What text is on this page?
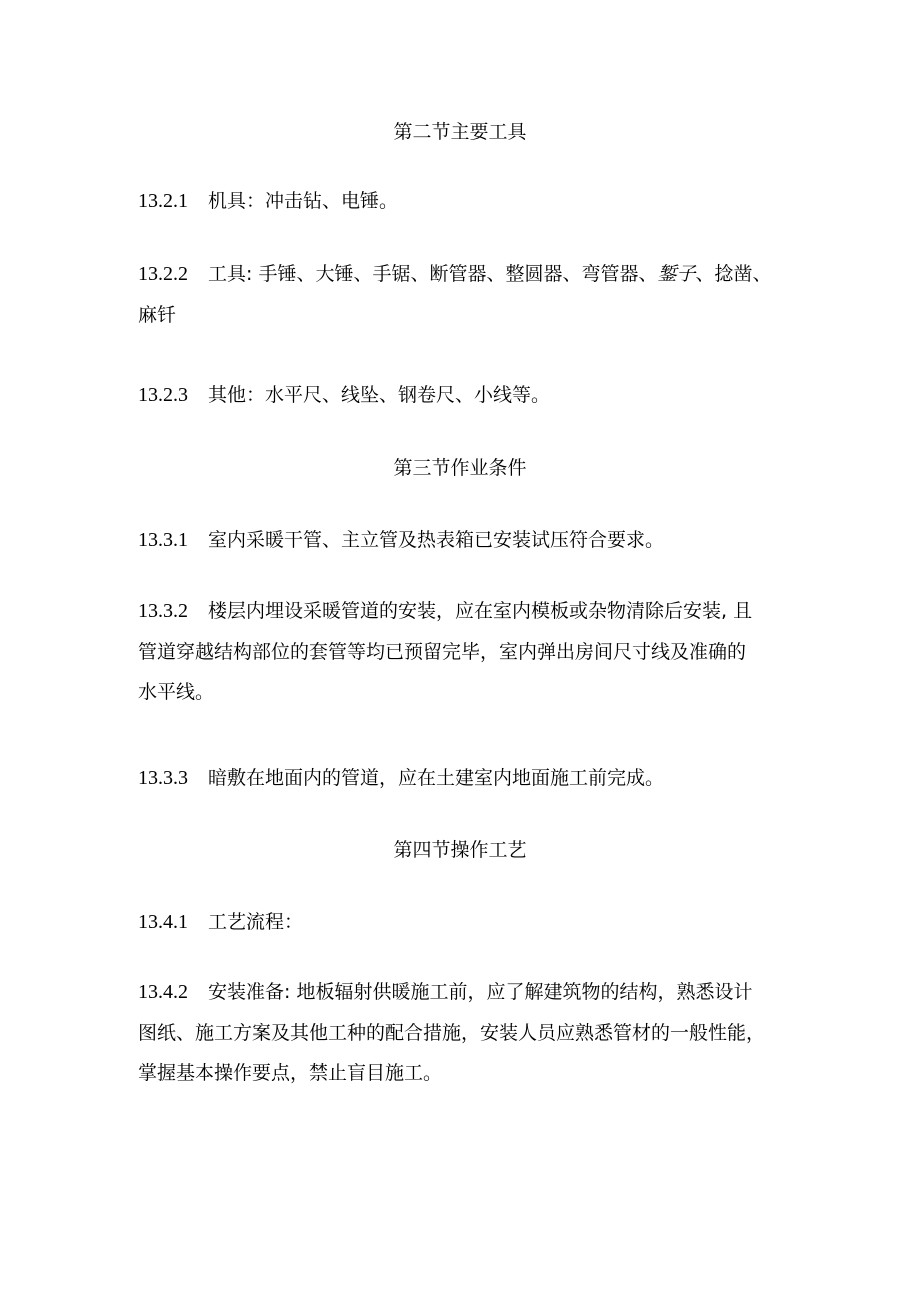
第二节主要工具
13.2.1 机具：冲击钻、电锤。
13.2.2 工具: 手锤、大锤、手锯、断管器、整圆器、弯管器、錾子、捻凿、
麻钎
13.2.3 其他：水平尺、线坠、钢卷尺、小线等。
第三节作业条件
13.3.1 室内采暖干管、主立管及热表箱已安装试压符合要求。
13.3.2 楼层内埋设采暖管道的安装，应在室内模板或杂物清除后安装, 且
管道穿越结构部位的套管等均已预留完毕，室内弹出房间尺寸线及准确的
水平线。
13.3.3 暗敷在地面内的管道，应在土建室内地面施工前完成。
第四节操作工艺
13.4.1 工艺流程：
13.4.2 安装准备: 地板辐射供暖施工前，应了解建筑物的结构，熟悉设计
图纸、施工方案及其他工种的配合措施，安装人员应熟悉管材的一般性能，
掌握基本操作要点，禁止盲目施工。
